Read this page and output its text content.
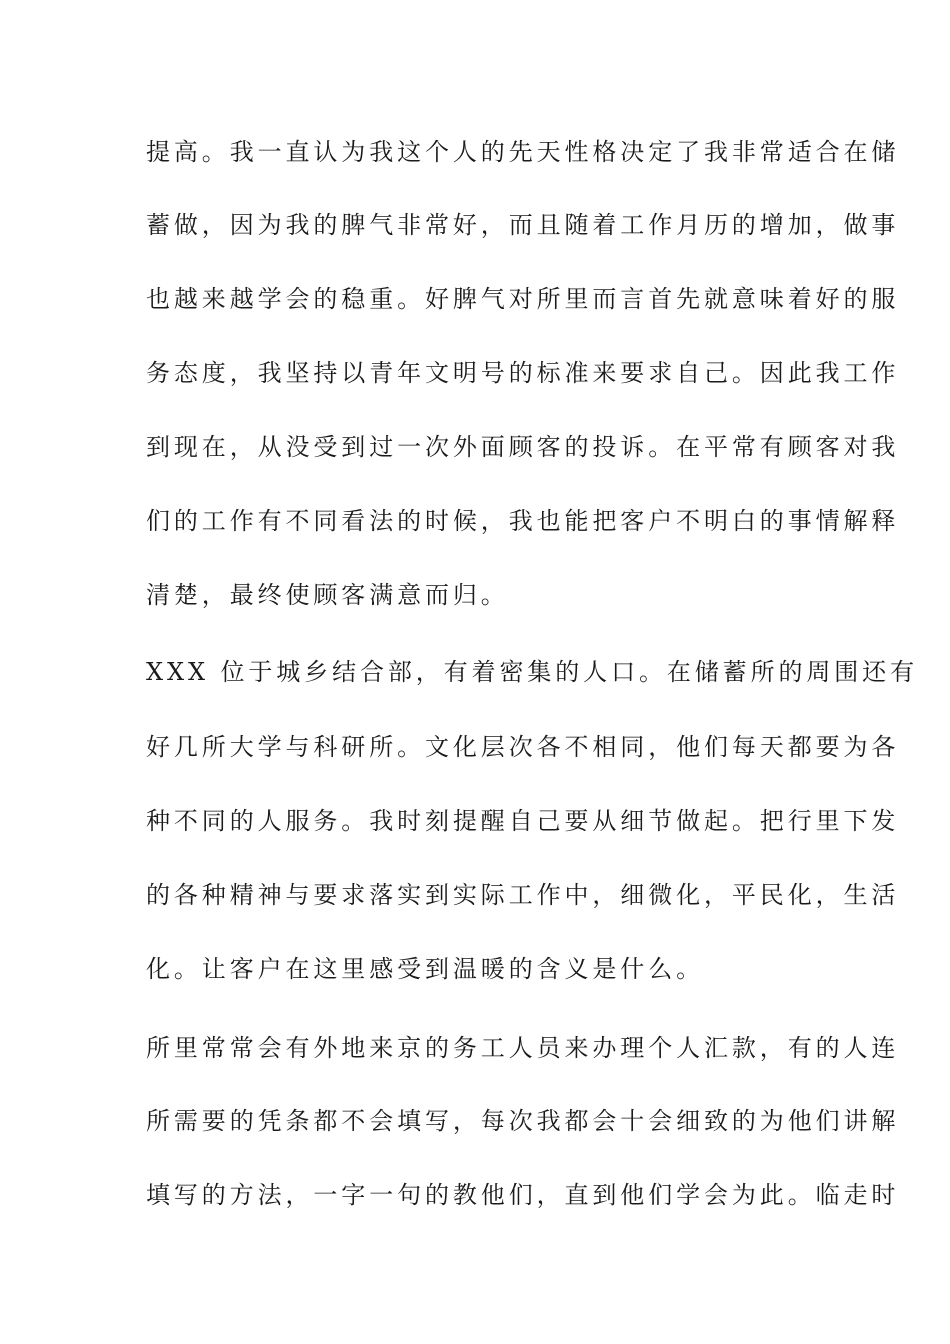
提高。我一直认为我这个人的先天性格决定了我非常适合在储
蓄做，因为我的脾气非常好，而且随着工作月历的增加，做事
也越来越学会的稳重。好脾气对所里而言首先就意味着好的服
务态度，我坚持以青年文明号的标准来要求自己。因此我工作
到现在，从没受到过一次外面顾客的投诉。在平常有顾客对我
们的工作有不同看法的时候，我也能把客户不明白的事情解释
清楚，最终使顾客满意而归。
XXX 位于城乡结合部，有着密集的人口。在储蓄所的周围还有
好几所大学与科研所。文化层次各不相同，他们每天都要为各
种不同的人服务。我时刻提醒自己要从细节做起。把行里下发
的各种精神与要求落实到实际工作中，细微化，平民化，生活
化。让客户在这里感受到温暖的含义是什么。
所里常常会有外地来京的务工人员来办理个人汇款，有的人连
所需要的凭条都不会填写，每次我都会十会细致的为他们讲解
填写的方法，一字一句的教他们，直到他们学会为此。临走时
